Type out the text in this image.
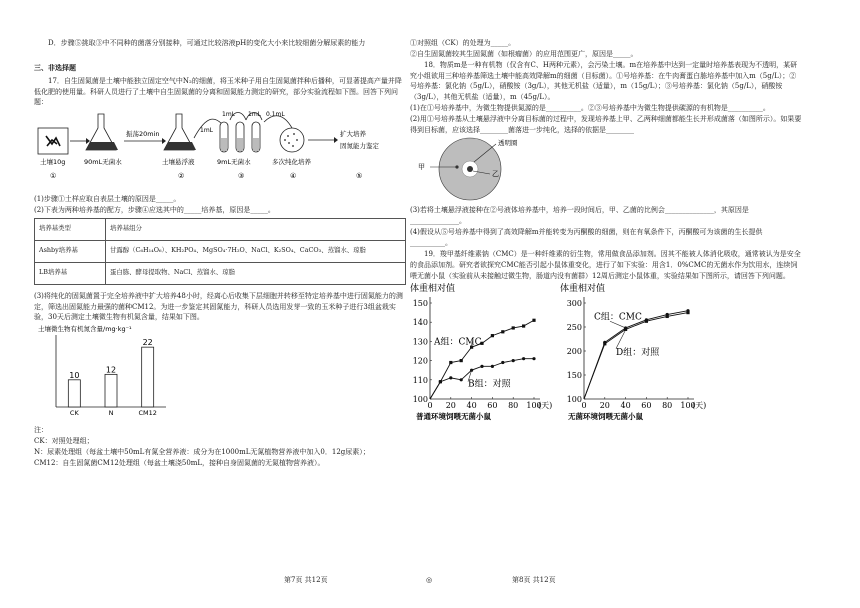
D．步骤⑤挑取③中不同种的菌落分别接种，可通过比较溶液pH的变化大小来比较细菌分解尿素的能力

三、非选择题

17．自生固氮菌是土壤中能独立固定空气中N₂的细菌，将玉米种子用自生固氮菌拌种后播种，可显著提高产量并降低化肥的使用量。科研人员进行了土壤中自生固氮菌的分离和固氮能力测定的研究，部分实验流程如下图。回答下列问题：

土壤10g	90mL无菌水
振荡20min
土壤悬浮液
1mL
1mL 1mL 0.1mL
9mL无菌水	多次纯化培养
扩大培养
固氮能力鉴定
①	②	③	④	⑤

(1)步骤①土样应取自表层土壤的原因是_____。

(2)下表为两种培养基的配方，步骤④应选其中的_____培养基，原因是_____。

培养基类型	培养基组分
Ashby培养基	甘露醇（C₆H₁₄O₆）、KH₂PO₄、MgSO₄·7H₂O、NaCl、K₂SO₄、CaCO₃、蒸馏水、琼脂
LB培养基	蛋白胨、酵母提取物、NaCl、蒸馏水、琼脂

(3)将纯化的固氮菌置于完全培养液中扩大培养48小时，经离心后收集下层细胞并转移至特定培养基中进行固氮能力的测定，筛选出固氮能力最强的菌种CM12。为进一步鉴定其固氮能力，科研人员选用发芽一致的玉米种子进行3组盆栽实验，30天后测定土壤微生物有机氮含量，结果如下图。

土壤微生物有机氮含量/mg·kg⁻¹
10
CK
12
N
22
CM12

注：

CK：对照处理组；

N：尿素处理组（每盆土壤中50mL有氮全营养液：成分为在1000mL无氮植物营养液中加入0．12g尿素）；

CM12：自生固氮菌CM12处理组（每盆土壤浇50mL，接种自身固氮菌的无氮植物营养液）。

①对照组（CK）的处理为_____。

②自生固氮菌较其生固氮菌（如根瘤菌）的应用范围更广，原因是_____。

18．物质m是一种有机物（仅含有C、H两种元素），会污染土壤。m在培养基中达到一定量时培养基表现为不透明，某研究小组欲用三种培养基筛选土壤中能高效降解m的细菌（目标菌）。①号培养基：在牛肉膏蛋白胨培养基中加入m（5g/L）；②号培养基：氯化钠（5g/L），硝酸铵（3g/L），其他无机盐（适量），m（15g/L）；③号培养基：氯化钠（5g/L），硝酸铵（3g/L），其他无机盐（适量），m（45g/L）。

(1)在①号培养基中，为微生物提供氮源的是__________。②③号培养基中为微生物提供碳源的有机物是__________。

(2)用①号培养基从土壤悬浮液中分离目标菌的过程中，发现培养基上甲、乙两种细菌都能生长并形成菌落（如图所示）。如果要得到目标菌，应该选择________菌落进一步纯化，选择的依据是________

透明圈
甲
乙

(3)若将土壤悬浮液接种在②号液体培养基中，培养一段时间后，甲、乙菌的比例会______________，其原因是______________。

(4)假设从⑤号培养基中得到了高效降解m并能转变为丙酮酸的细菌，则在有氧条件下，丙酮酸可为该菌的生长提供__________。

19．羧甲基纤维素钠（CMC）是一种纤维素的衍生物，常用做食品添加剂。因其不能被人体消化吸收，通常被认为是安全的食品添加剂。研究者欲探究CMC能否引起小鼠体重变化，进行了如下实验：用含1．0%CMC的无菌水作为饮用水，连续饲喂无菌小鼠（实验前从未接触过微生物，肠道内没有菌群）12周后测定小鼠体重，实验结果如下图所示，请回答下列问题。

体重相对值
普通环境饲喂无菌小鼠
100
110
120
130
140
150
0 20 40 60 80 100
(天)
A组：CMC
B组：对照
体重相对值
无菌环境饲喂无菌小鼠
100
150
200
250
300
0 20 40 60 80 100
(天)
C组：CMC
D组：对照
第7页 共12页	◎	第8页 共12页
